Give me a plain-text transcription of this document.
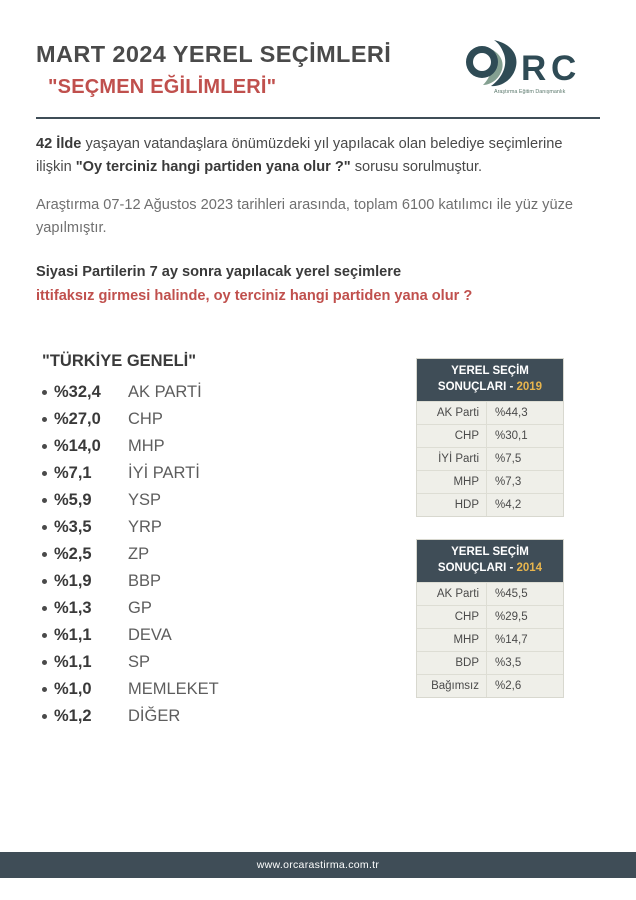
MART 2024 YEREL SEÇİMLERİ
"SEÇMEN EĞİLİMLERİ"	R C
Araştırma Eğitim Danışmanlık
42 İlde yaşayan vatandaşlara önümüzdeki yıl yapılacak olan belediye seçimlerine ilişkin "Oy terciniz hangi partiden yana olur ?" sorusu sorulmuştur.
Araştırma 07-12 Ağustos 2023 tarihleri arasında, toplam 6100 katılımcı ile yüz yüze yapılmıştır.
Siyasi Partilerin 7 ay sonra yapılacak yerel seçimlere
ittifaksız girmesi halinde, oy terciniz hangi partiden yana olur ?
"TÜRKİYE GENELİ"
%32,4	AK PARTİ
%27,0	CHP
%14,0	MHP
%7,1	İYİ PARTİ
%5,9	YSP
%3,5	YRP
%2,5	ZP
%1,9	BBP
%1,3	GP
%1,1	DEVA
%1,1	SP
%1,0	MEMLEKET
%1,2	DİĞER
YEREL SEÇİM
SONUÇLARI - 2019
AK Parti	%44,3
CHP	%30,1
İYİ Parti	%7,5
MHP	%7,3
HDP	%4,2
YEREL SEÇİM
SONUÇLARI - 2014
AK Parti	%45,5
CHP	%29,5
MHP	%14,7
BDP	%3,5
Bağımsız	%2,6
www.orcarastirma.com.tr
